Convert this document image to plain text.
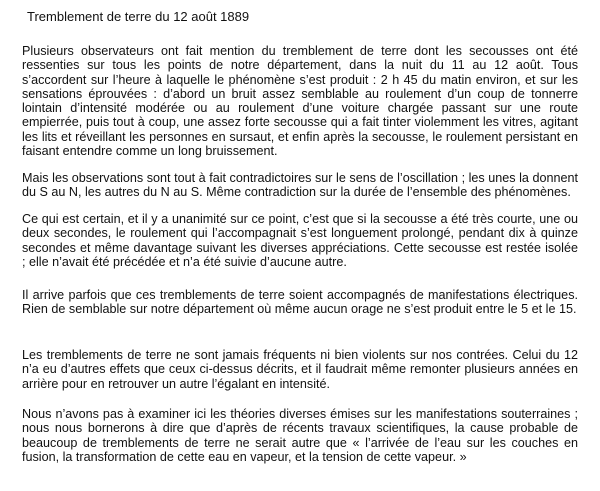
Tremblement de terre du 12 août 1889
Plusieurs observateurs ont fait mention du tremblement de terre dont les secousses ont été ressenties sur tous les points de notre département, dans la nuit du 11 au 12 août. Tous s’accordent sur l’heure à laquelle le phénomène s’est produit : 2 h 45 du matin environ, et sur les sensations éprouvées : d’abord un bruit assez semblable au roulement d’un coup de tonnerre lointain d’intensité modérée ou au roulement d’une voiture chargée passant sur une route empierrée, puis tout à coup, une assez forte secousse qui a fait tinter violemment les vitres, agitant les lits et réveillant les personnes en sursaut, et enfin après la secousse, le roulement persistant en faisant entendre comme un long bruissement.
Mais les observations sont tout à fait contradictoires sur le sens de l’oscillation ; les unes la donnent du S au N, les autres du N au S. Même contradiction sur la durée de l’ensemble des phénomènes.
Ce qui est certain, et il y a unanimité sur ce point, c’est que si la secousse a été très courte, une ou deux secondes, le roulement qui l’accompagnait s’est longuement prolongé, pendant dix à quinze secondes et même davantage suivant les diverses appréciations. Cette secousse est restée isolée ; elle n’avait été précédée et n’a été suivie d’aucune autre.
Il arrive parfois que ces tremblements de terre soient accompagnés de manifestations électriques. Rien de semblable sur notre département où même aucun orage ne s’est produit entre le 5 et le 15.
Les tremblements de terre ne sont jamais fréquents ni bien violents sur nos contrées. Celui du 12 n’a eu d’autres effets que ceux ci-dessus décrits, et il faudrait même remonter plusieurs années en arrière pour en retrouver un autre l’égalant en intensité.
Nous n’avons pas à examiner ici les théories diverses émises sur les manifestations souterraines ; nous nous bornerons à dire que d’après de récents travaux scientifiques, la cause probable de beaucoup de tremblements de terre ne serait autre que « l’arrivée de l’eau sur les couches en fusion, la transformation de cette eau en vapeur, et la tension de cette vapeur. »
